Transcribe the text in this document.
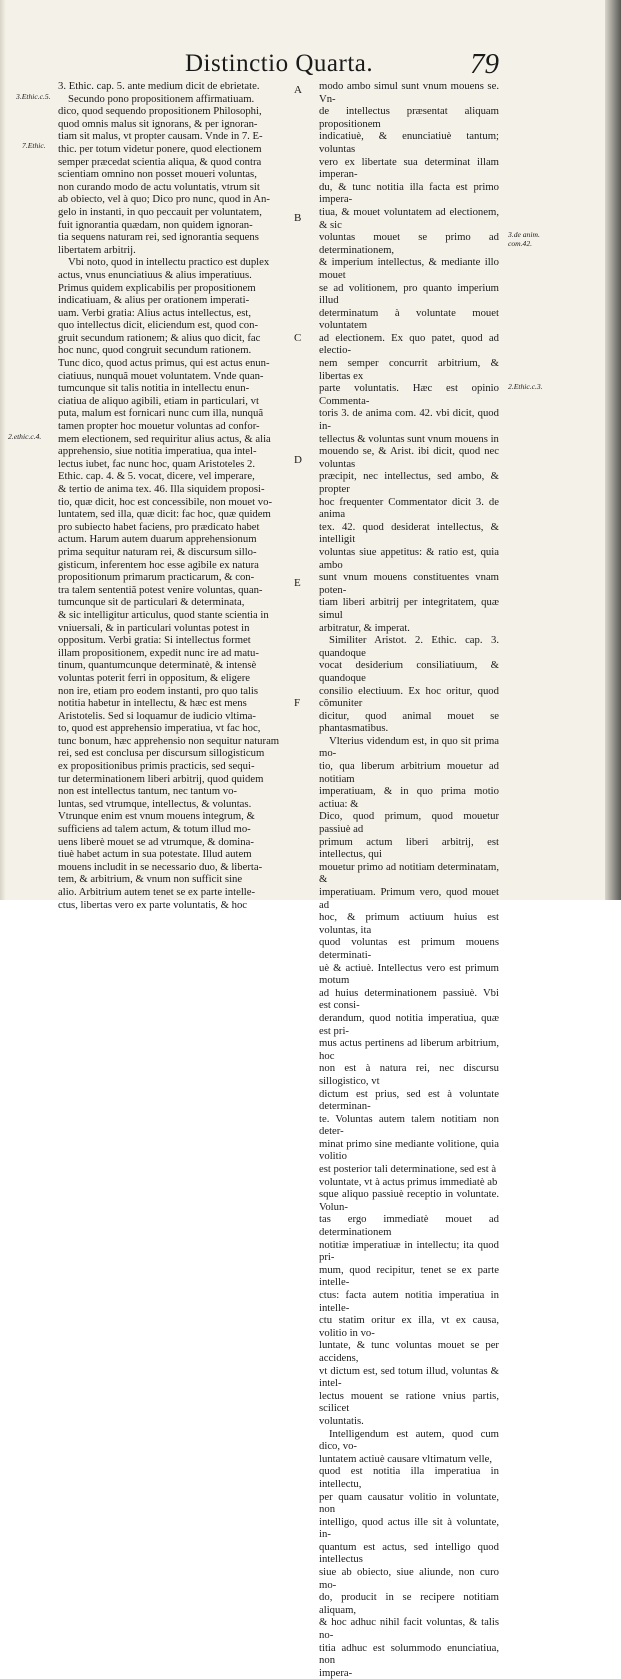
Distinctio Quarta.	79
3.Ethic.c.5.
7.Ethic.
2.ethic.c.4.
3.de anim. com.42.
2.Ethic.c.3.
A
B
C
D
E
F

3. Ethic. cap. 5. ante medium dicit de ebrietate.

Secundo pono propositionem affirmatiuam.

dico, quod sequendo propositionem Philosophi,

quod omnis malus sit ignorans, & per ignoran-

tiam sit malus, vt propter causam. Vnde in 7. E-

thic. per totum videtur ponere, quod electionem

semper præcedat scientia aliqua, & quod contra

scientiam omnino non posset moueri voluntas,

non curando modo de actu voluntatis, vtrum sit

ab obiecto, vel à quo; Dico pro nunc, quod in An-

gelo in instanti, in quo peccauit per voluntatem,

fuit ignorantia quædam, non quidem ignoran-

tia sequens naturam rei, sed ignorantia sequens

libertatem arbitrij.

Vbi noto, quod in intellectu practico est duplex

actus, vnus enunciatiuus & alius imperatiuus.

Primus quidem explicabilis per propositionem

indicatiuam, & alius per orationem imperati-

uam. Verbi gratia: Alius actus intellectus, est,

quo intellectus dicit, eliciendum est, quod con-

gruit secundum rationem; & alius quo dicit, fac

hoc nunc, quod congruit secundum rationem.

Tunc dico, quod actus primus, qui est actus enun-

ciatiuus, nunquã mouet voluntatem. Vnde quan-

tumcunque sit talis notitia in intellectu enun-

ciatiua de aliquo agibili, etiam in particulari, vt

puta, malum est fornicari nunc cum illa, nunquã

tamen propter hoc mouetur voluntas ad confor-

mem electionem, sed requiritur alius actus, & alia

apprehensio, siue notitia imperatiua, qua intel-

lectus iubet, fac nunc hoc, quam Aristoteles 2.

Ethic. cap. 4. & 5. vocat, dicere, vel imperare,

& tertio de anima tex. 46. Illa siquidem proposi-

tio, quæ dicit, hoc est concessibile, non mouet vo-

luntatem, sed illa, quæ dicit: fac hoc, quæ quidem

pro subiecto habet faciens, pro prædicato habet

actum. Harum autem duarum apprehensionum

prima sequitur naturam rei, & discursum sillo-

gisticum, inferentem hoc esse agibile ex natura

propositionum primarum practicarum, & con-

tra talem sententiã potest venire voluntas, quan-

tumcunque sit de particulari & determinata,

& sic intelligitur articulus, quod stante scientia in

vniuersali, & in particulari voluntas potest in

oppositum. Verbi gratia: Si intellectus formet

illam propositionem, expedit nunc ire ad matu-

tinum, quantumcunque determinatè, & intensè

voluntas poterit ferri in oppositum, & eligere

non ire, etiam pro eodem instanti, pro quo talis

notitia habetur in intellectu, & hæc est mens

Aristotelis. Sed si loquamur de iudicio vltima-

to, quod est apprehensio imperatiua, vt fac hoc,

tunc bonum, hæc apprehensio non sequitur naturam

rei, sed est conclusa per discursum sillogisticum

ex propositionibus primis practicis, sed sequi-

tur determinationem liberi arbitrij, quod quidem

non est intellectus tantum, nec tantum vo-

luntas, sed vtrumque, intellectus, & voluntas.

Vtrunque enim est vnum mouens integrum, &

sufficiens ad talem actum, & totum illud mo-

uens liberè mouet se ad vtrumque, & domina-

tiuè habet actum in sua potestate. Illud autem

mouens includit in se necessario duo, & liberta-

tem, & arbitrium, & vnum non sufficit sine

alio. Arbitrium autem tenet se ex parte intelle-

ctus, libertas vero ex parte voluntatis, & hoc

modo ambo simul sunt vnum mouens se. Vn-

de intellectus præsentat aliquam propositionem

indicatiuè, & enunciatiuè tantum; voluntas

vero ex libertate sua determinat illam imperan-

du, & tunc notitia illa facta est primo impera-

tiua, & mouet voluntatem ad electionem, & sic

voluntas mouet se primo ad determinationem,

& imperium intellectus, & mediante illo mouet

se ad volitionem, pro quanto imperium illud

determinatum à voluntate mouet voluntatem

ad electionem. Ex quo patet, quod ad electio-

nem semper concurrit arbitrium, & libertas ex

parte voluntatis. Hæc est opinio Commenta-

toris 3. de anima com. 42. vbi dicit, quod in-

tellectus & voluntas sunt vnum mouens in

mouendo se, & Arist. ibi dicit, quod nec voluntas

præcipit, nec intellectus, sed ambo, & propter

hoc frequenter Commentator dicit 3. de anima

tex. 42. quod desiderat intellectus, & intelligit

voluntas siue appetitus: & ratio est, quia ambo

sunt vnum mouens constituentes vnam poten-

tiam liberi arbitrij per integritatem, quæ simul

arbitratur, & imperat.

Similiter Aristot. 2. Ethic. cap. 3. quandoque

vocat desiderium consiliatiuum, & quandoque

consilio electiuum. Ex hoc oritur, quod cõmuniter

dicitur, quod animal mouet se phantasmatibus.

Vlterius videndum est, in quo sit prima mo-

tio, qua liberum arbitrium mouetur ad notitiam

imperatiuam, & in quo prima motio actiua: &

Dico, quod primum, quod mouetur passiuè ad

primum actum liberi arbitrij, est intellectus, qui

mouetur primo ad notitiam determinatam, &

imperatiuam. Primum vero, quod mouet ad

hoc, & primum actiuum huius est voluntas, ita

quod voluntas est primum mouens determinati-

uè & actiuè. Intellectus vero est primum motum

ad huius determinationem passiuè. Vbi est consi-

derandum, quod notitia imperatiua, quæ est pri-

mus actus pertinens ad liberum arbitrium, hoc

non est à natura rei, nec discursu sillogistico, vt

dictum est prius, sed est à voluntate determinan-

te. Voluntas autem talem notitiam non deter-

minat primo sine mediante volitione, quia volitio

est posterior tali determinatione, sed est à

voluntate, vt à actus primus immediatè ab

sque aliquo passiuè receptio in voluntate. Volun-

tas ergo immediatè mouet ad determinationem

notitiæ imperatiuæ in intellectu; ita quod pri-

mum, quod recipitur, tenet se ex parte intelle-

ctus: facta autem notitia imperatiua in intelle-

ctu statim oritur ex illa, vt ex causa, volitio in vo-

luntate, & tunc voluntas mouet se per accidens,

vt dictum est, sed totum illud, voluntas & intel-

lectus mouent se ratione vnius partis, scilicet

voluntatis.

Intelligendum est autem, quod cum dico, vo-

luntatem actiuè causare vltimatum velle,

quod est notitia illa imperatiua in intellectu,

per quam causatur volitio in voluntate, non

intelligo, quod actus ille sit à voluntate, in-

quantum est actus, sed intelligo quod intellectus

siue ab obiecto, siue aliunde, non curo mo-

do, producit in se recipere notitiam aliquam,

& hoc adhuc nihil facit voluntas, & talis no-

titia adhuc est solummodo enunciatiua, non

impera-
